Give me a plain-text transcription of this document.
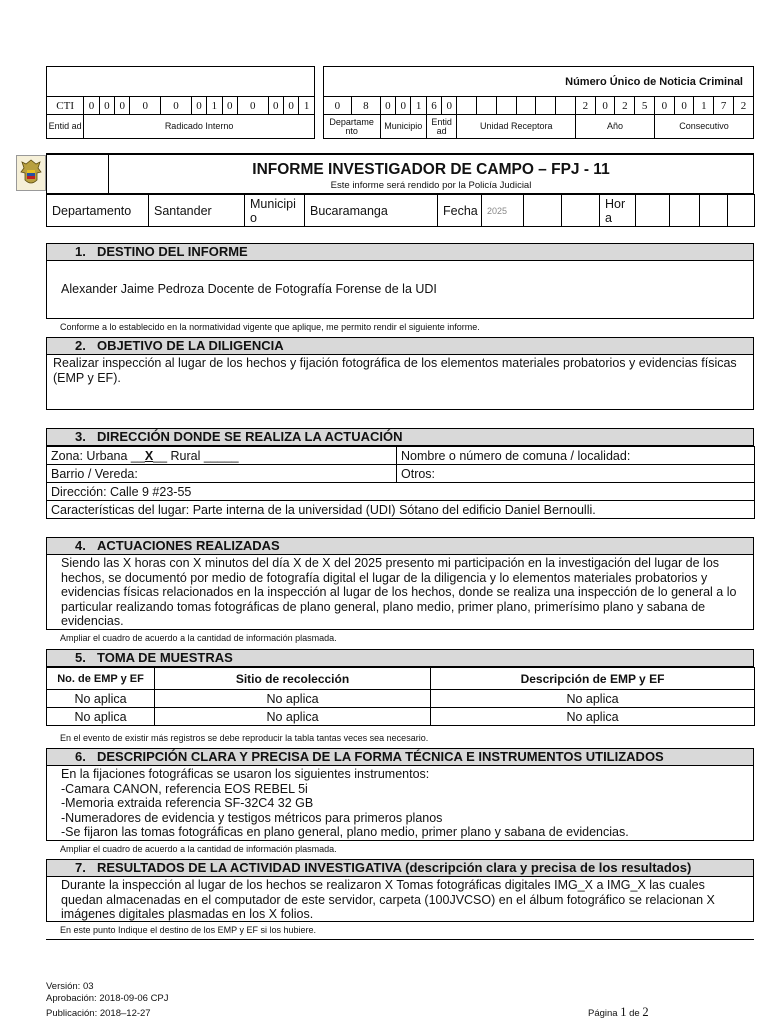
														Número Único de Noticia Criminal																					
CTI	0	0	0	0	0	0	1	0	0	0	0	1		0	8	0	0	1	6	0							2	0	2	5	0	0	1	7	2
Entid ad	Radicado Interno													Departame nto		Municipio			Entid ad		Unidad Receptora						Año				Consecutivo				
INFORME INVESTIGADOR DE CAMPO – FPJ - 11
Este informe será rendido por la Policía Judicial
Departamento	Santander	Municipi o	Bucaramanga	Fecha	2025			Hor a				
1. DESTINO DEL INFORME
Alexander Jaime Pedroza Docente de Fotografía Forense de la UDI
Conforme a lo establecido en la normatividad vigente que aplique, me permito rendir el siguiente informe.
2. OBJETIVO DE LA DILIGENCIA
Realizar inspección al lugar de los hechos y fijación fotográfica de los elementos materiales probatorios y evidencias físicas (EMP y EF).
3. DIRECCIÓN DONDE SE REALIZA LA ACTUACIÓN
Zona: Urbana __X__ Rural _____	Nombre o número de comuna / localidad:
Barrio / Vereda:	Otros:
Dirección: Calle 9 #23-55	
Características del lugar: Parte interna de la universidad (UDI) Sótano del edificio Daniel Bernoulli.	
4. ACTUACIONES REALIZADAS
Siendo las X horas con X minutos del día X de X del 2025 presento mi participación en la investigación del lugar de los hechos, se documentó por medio de fotografía digital el lugar de la diligencia y lo elementos materiales probatorios y evidencias físicas relacionados en la inspección al lugar de los hechos, donde se realiza una inspección de lo general a lo particular realizando tomas fotográficas de plano general, plano medio, primer plano, primerísimo plano y sabana de evidencias.
Ampliar el cuadro de acuerdo a la cantidad de información plasmada.
5. TOMA DE MUESTRAS
No. de EMP y EF	Sitio de recolección	Descripción de EMP y EF
No aplica	No aplica	No aplica
No aplica	No aplica	No aplica
En el evento de existir más registros se debe reproducir la tabla tantas veces sea necesario.
6. DESCRIPCIÓN CLARA Y PRECISA DE LA FORMA TÉCNICA E INSTRUMENTOS UTILIZADOS
En la fijaciones fotográficas se usaron los siguientes instrumentos:
-Camara CANON, referencia EOS REBEL 5i
-Memoria extraida referencia SF-32C4 32 GB
-Numeradores de evidencia y testigos métricos para primeros planos
-Se fijaron las tomas fotográficas en plano general, plano medio, primer plano y sabana de evidencias.
Ampliar el cuadro de acuerdo a la cantidad de información plasmada.
7. RESULTADOS DE LA ACTIVIDAD INVESTIGATIVA (descripción clara y precisa de los resultados)
Durante la inspección al lugar de los hechos se realizaron X Tomas fotográficas digitales IMG_X a IMG_X las cuales quedan almacenadas en el computador de este servidor, carpeta (100JVCSO) en el álbum fotográfico se relacionan X imágenes digitales plasmadas en los X folios.
En este punto Indique el destino de los EMP y EF si los hubiere.
Versión: 03
Aprobación: 2018-09-06 CPJ
Publicación: 2018–12-27	Página 1 de 2
